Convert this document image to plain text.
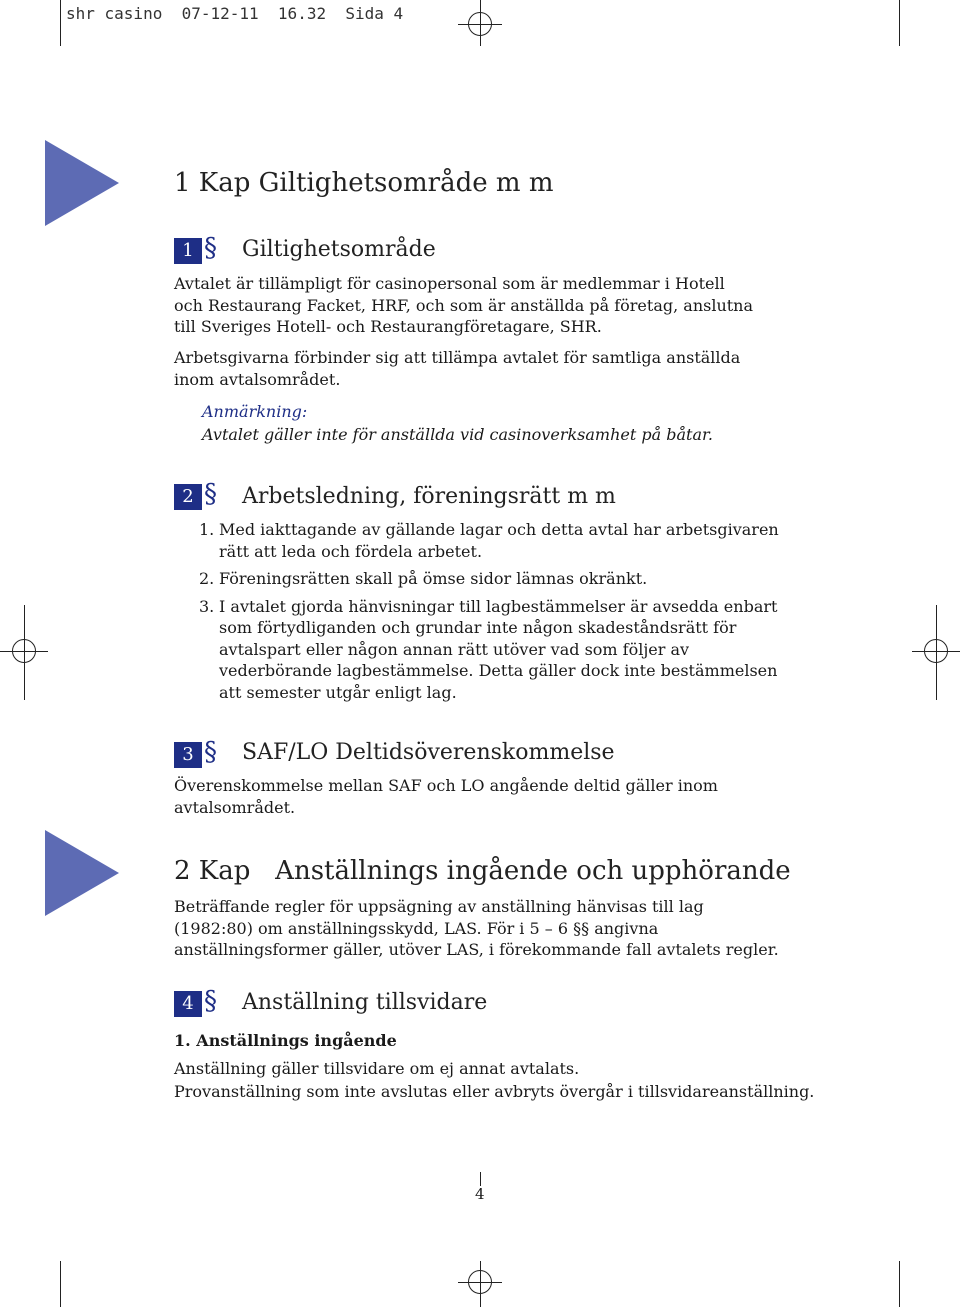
shr casino  07-12-11  16.32  Sida 4
1 Kap Giltighetsområde m m
1 § Giltighetsområde
Avtalet är tillämpligt för casinopersonal som är medlemmar i Hotell och Restaurang Facket, HRF, och som är anställda på företag, anslutna till Sveriges Hotell- och Restaurangföretagare, SHR.
Arbetsgivarna förbinder sig att tillämpa avtalet för samtliga anställda inom avtalsområdet.
Anmärkning:
Avtalet gäller inte för anställda vid casinoverksamhet på båtar.
2 § Arbetsledning, föreningsrätt m m
1. Med iakttagande av gällande lagar och detta avtal har arbetsgivaren rätt att leda och fördela arbetet.
2. Föreningsrätten skall på ömse sidor lämnas okränkt.
3. I avtalet gjorda hänvisningar till lagbestämmelser är avsedda enbart som förtydliganden och grundar inte någon skadeståndsrätt för avtalspart eller någon annan rätt utöver vad som följer av vederbörande lagbestämmelse. Detta gäller dock inte bestämmelsen att semester utgår enligt lag.
3 § SAF/LO Deltidsöverenskommelse
Överenskommelse mellan SAF och LO angående deltid gäller inom avtalsområdet.
2 Kap   Anställnings ingående och upphörande
Beträffande regler för uppsägning av anställning hänvisas till lag (1982:80) om anställningsskydd, LAS. För i 5 – 6 §§ angivna anställningsformer gäller, utöver LAS, i förekommande fall avtalets regler.
4 § Anställning tillsvidare
1. Anställnings ingående
Anställning gäller tillsvidare om ej annat avtalats.
Provanställning som inte avslutas eller avbryts övergår i tillsvidareanställning.
4
